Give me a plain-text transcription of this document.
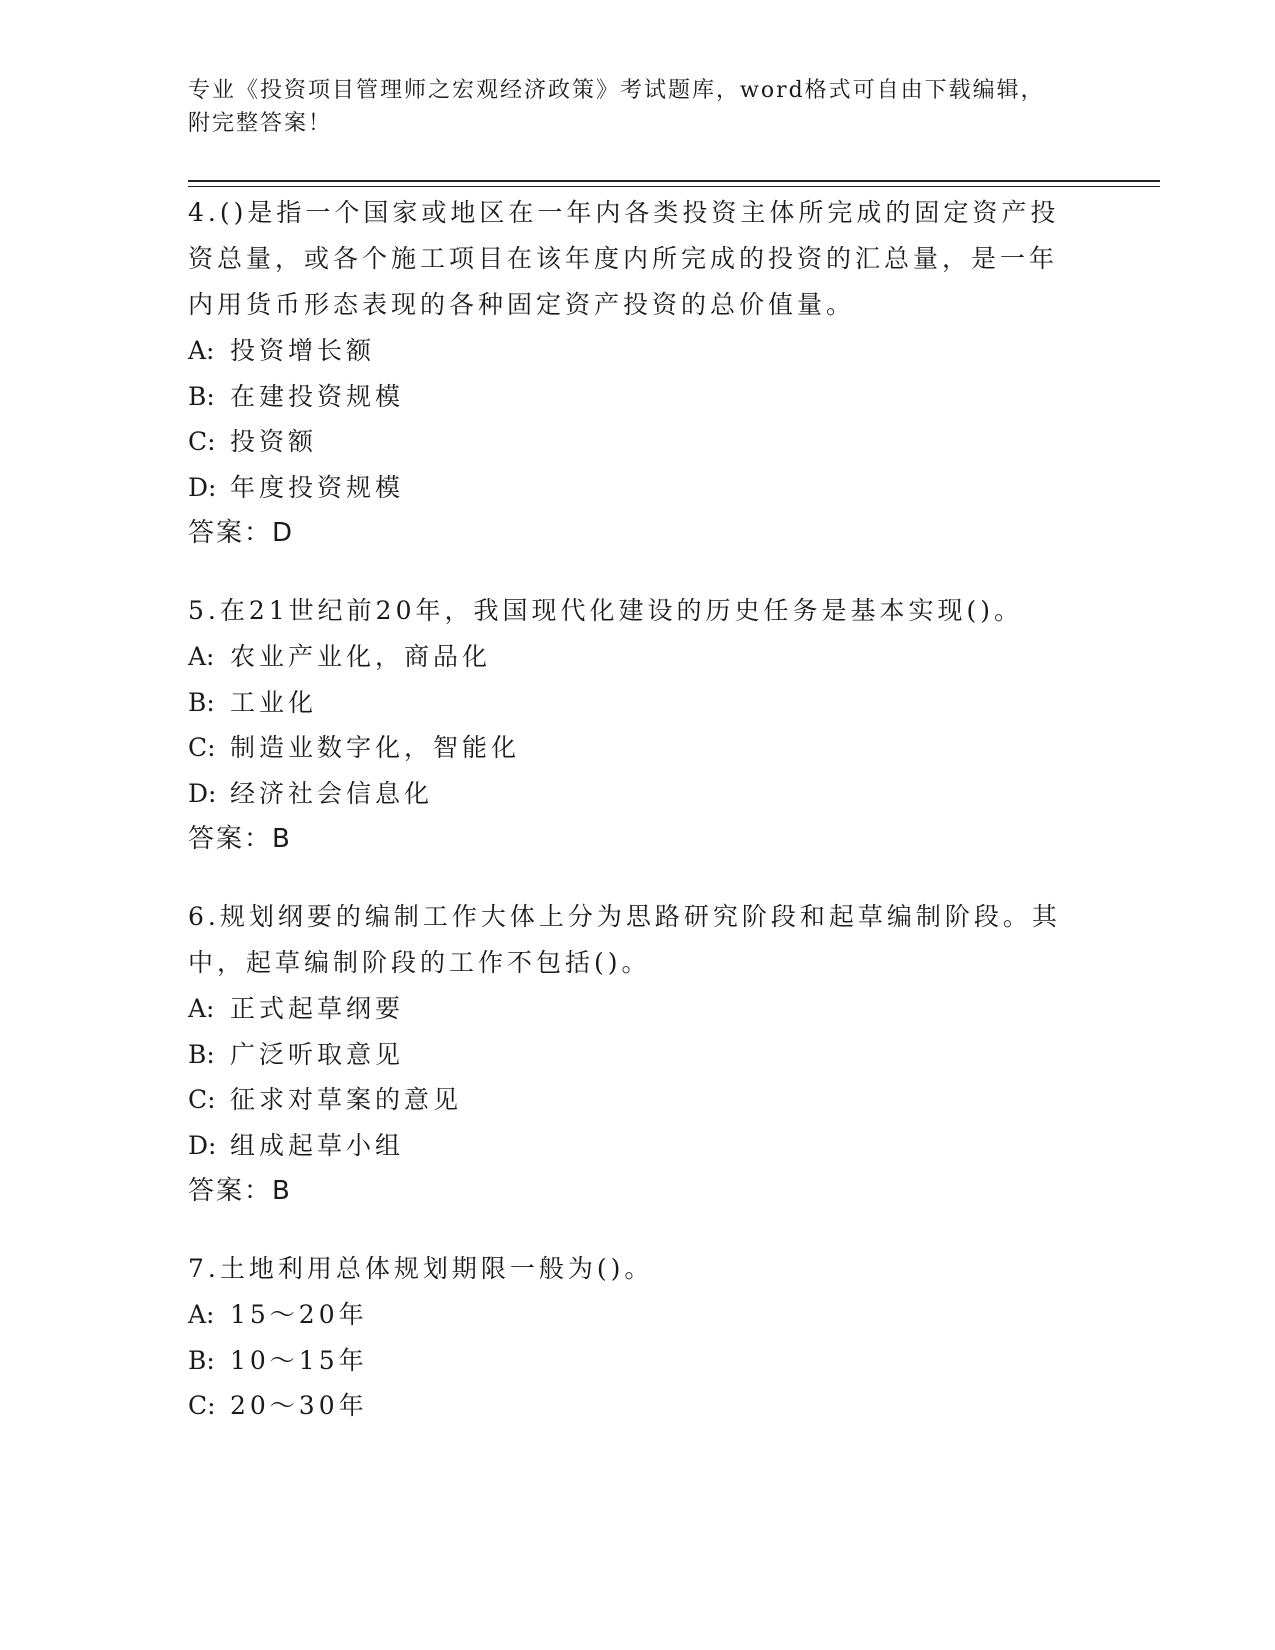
专业《投资项目管理师之宏观经济政策》考试题库，word格式可自由下载编辑，
附完整答案！

4.()是指一个国家或地区在一年内各类投资主体所完成的固定资产投资总量，或各个施工项目在该年度内所完成的投资的汇总量，是一年内用货币形态表现的各种固定资产投资的总价值量。

A: 投资增长额

B: 在建投资规模

C: 投资额

D: 年度投资规模

答案：D

5.在21世纪前20年，我国现代化建设的历史任务是基本实现()。

A: 农业产业化，商品化

B: 工业化

C: 制造业数字化，智能化

D: 经济社会信息化

答案：B

6.规划纲要的编制工作大体上分为思路研究阶段和起草编制阶段。其中，起草编制阶段的工作不包括()。

A: 正式起草纲要

B: 广泛听取意见

C: 征求对草案的意见

D: 组成起草小组

答案：B

7.土地利用总体规划期限一般为()。

A: 15～20年

B: 10～15年

C: 20～30年
